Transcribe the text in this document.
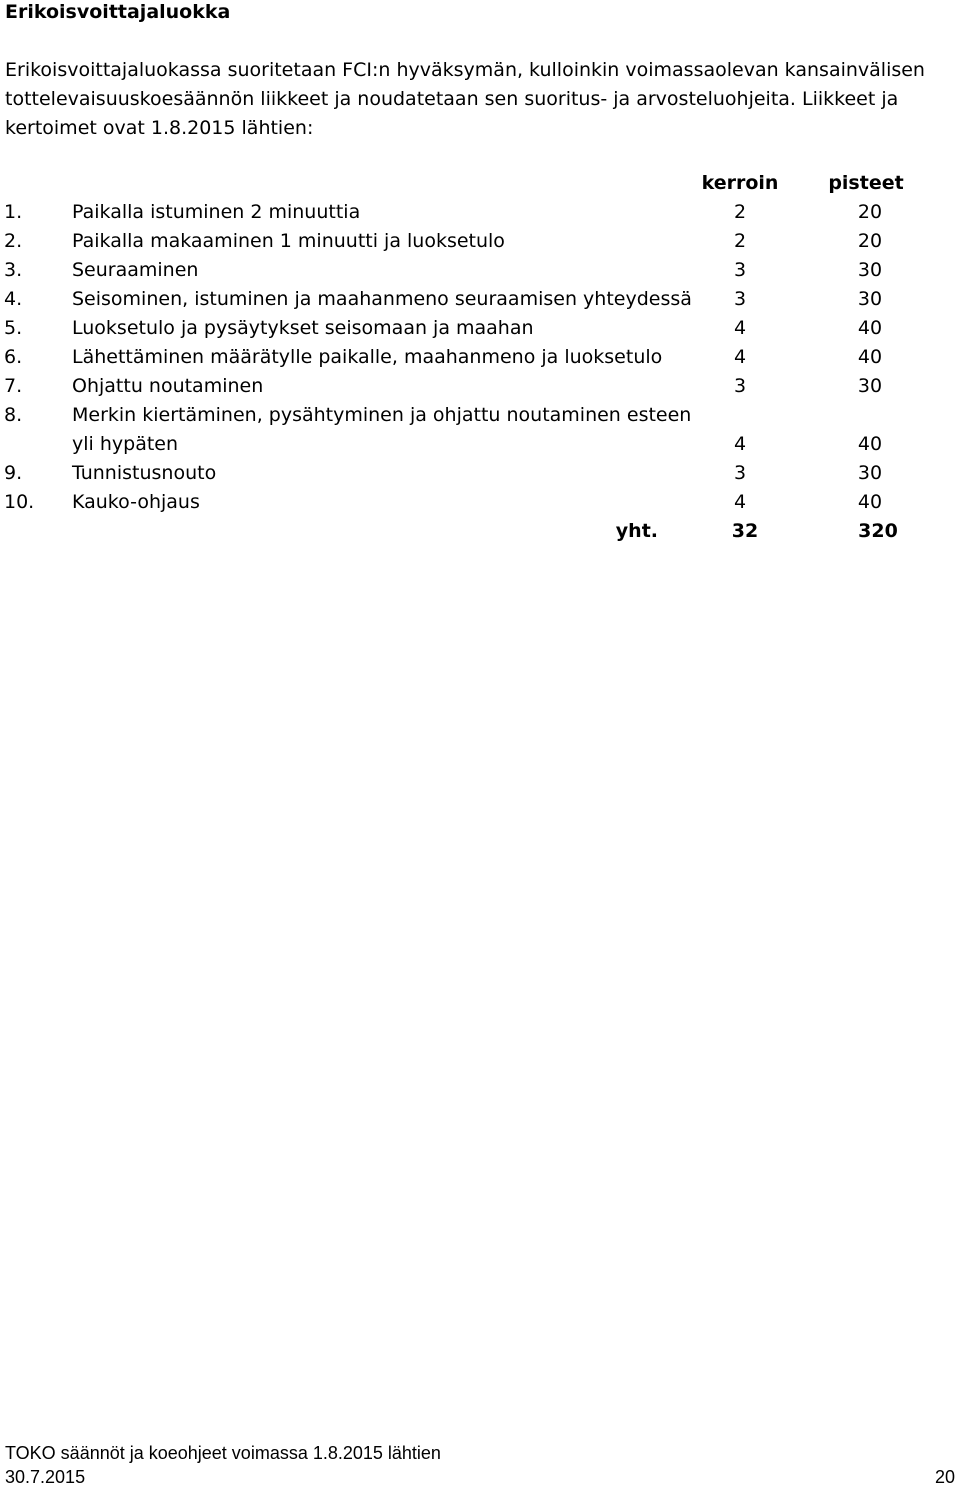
Erikoisvoittajaluokka
Erikoisvoittajaluokassa suoritetaan FCI:n hyväksymän, kulloinkin voimassaolevan kansainvälisen tottelevaisuuskoesäännön liikkeet ja noudatetaan sen suoritus- ja arvosteluohjeita. Liikkeet ja kertoimet ovat 1.8.2015 lähtien:
kerroin	pisteet
1.	Paikalla istuminen 2 minuuttia	2	20
2.	Paikalla makaaminen 1 minuutti ja luoksetulo	2	20
3.	Seuraaminen	3	30
4.	Seisominen, istuminen ja maahanmeno seuraamisen yhteydessä	3	30
5.	Luoksetulo ja pysäytykset seisomaan ja maahan	4	40
6.	Lähettäminen määrätylle paikalle, maahanmeno ja luoksetulo	4	40
7.	Ohjattu noutaminen	3	30
8.	Merkin kiertäminen, pysähtyminen ja ohjattu noutaminen esteen yli hypäten	4	40
9.	Tunnistusnouto	3	30
10. Kauko-ohjaus	4	40
yht.	32	320
TOKO säännöt ja koeohjeet voimassa 1.8.2015 lähtien
30.7.2015	20
